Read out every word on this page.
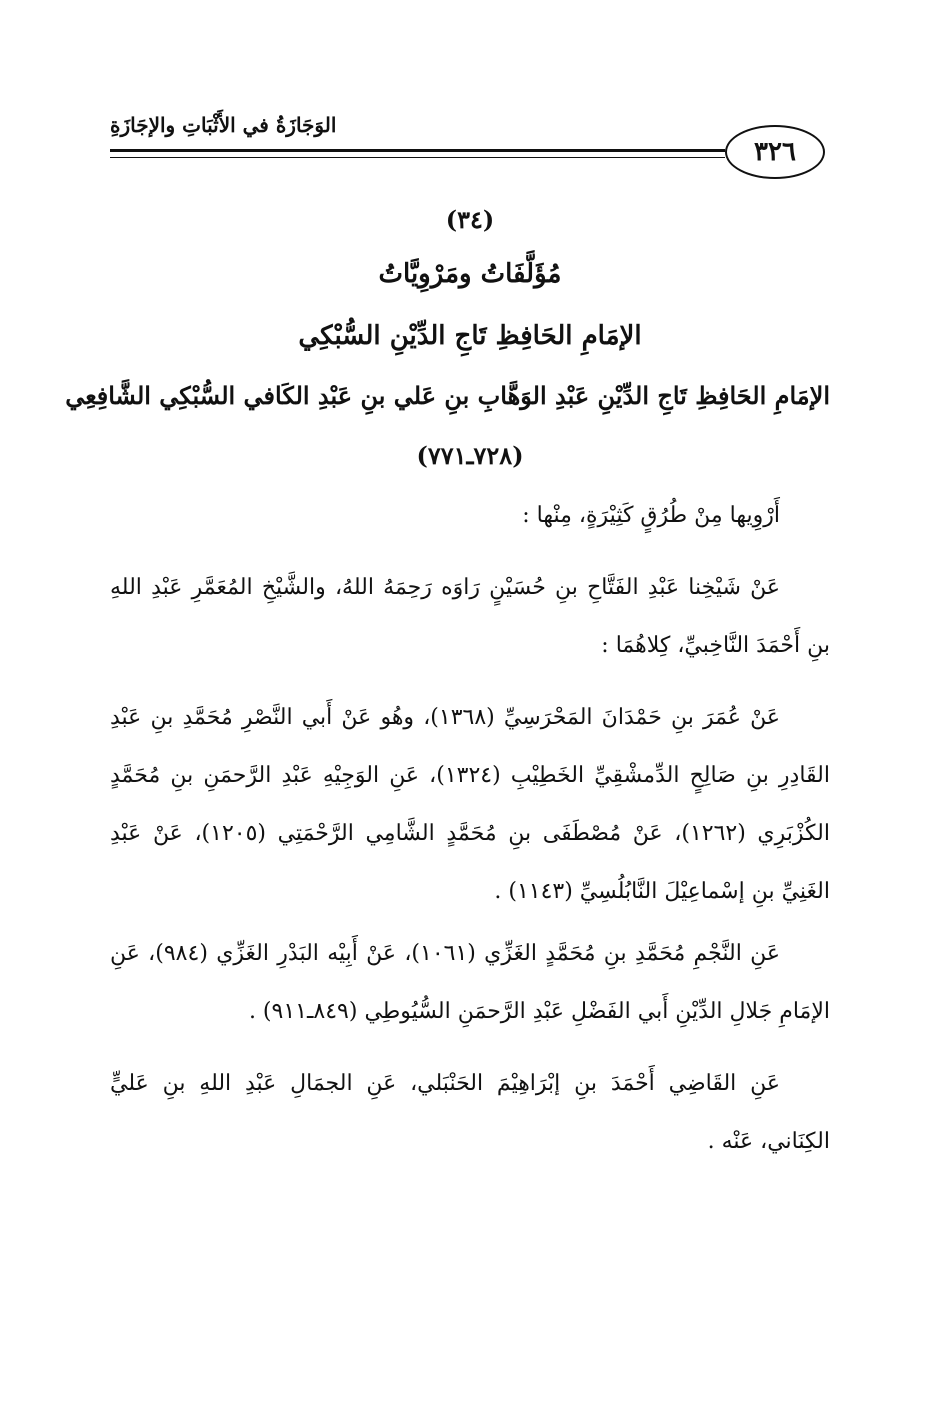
الوَجَازَةُ في الأَثْبَاتِ والإجَازَةِ
٣٢٦
(٣٤)
مُؤَلَّفَاتُ ومَرْوِيَّاتُ
الإمَامِ الحَافِظِ تَاجِ الدِّيْنِ السُّبْكِي
الإمَامِ الحَافِظِ تَاجِ الدِّيْنِ عَبْدِ الوَهَّابِ بنِ عَلي بنِ عَبْدِ الكَافي السُّبْكِي الشَّافِعِي
(٧٢٨ـ٧٧١)

أَرْوِيها مِنْ طُرُقٍ كَثِيْرَةٍ، مِنْها :

عَنْ شَيْخِنا عَبْدِ الفَتَّاحِ بنِ حُسَيْنٍ رَاوَه رَحِمَهُ اللهُ، والشَّيْخِ المُعَمَّرِ عَبْدِ اللهِ بنِ أَحْمَدَ النَّاخِبيِّ، كِلاهُمَا :

عَنْ عُمَرَ بنِ حَمْدَانَ المَحْرَسِيِّ (١٣٦٨)، وهُو عَنْ أَبي النَّصْرِ مُحَمَّدِ بنِ عَبْدِ القَادِرِ بنِ صَالِحٍ الدِّمشْقِيِّ الخَطِيْبِ (١٣٢٤)، عَنِ الوَجِيْهِ عَبْدِ الرَّحمَنِ بنِ مُحَمَّدٍ الكُزْبَرِي (١٢٦٢)، عَنْ مُصْطَفَى بنِ مُحَمَّدٍ الشَّامِي الرَّحْمَتِي (١٢٠٥)، عَنْ عَبْدِ الغَنِيِّ بنِ إسْماعِيْلَ النَّابُلُسِيِّ (١١٤٣) .

عَنِ النَّجْمِ مُحَمَّدِ بنِ مُحَمَّدٍ الغَزِّي (١٠٦١)، عَنْ أَبِيْه البَدْرِ الغَزِّي (٩٨٤)، عَنِ الإمَامِ جَلالِ الدِّيْنِ أَبي الفَضْلِ عَبْدِ الرَّحمَنِ السُّيُوطِي (٨٤٩ـ٩١١) .

عَنِ القَاضِي أَحْمَدَ بنِ إبْرَاهِيْمَ الحَنْبَلي، عَنِ الجمَالِ عَبْدِ اللهِ بنِ عَليٍّ الكِنَاني، عَنْه .
